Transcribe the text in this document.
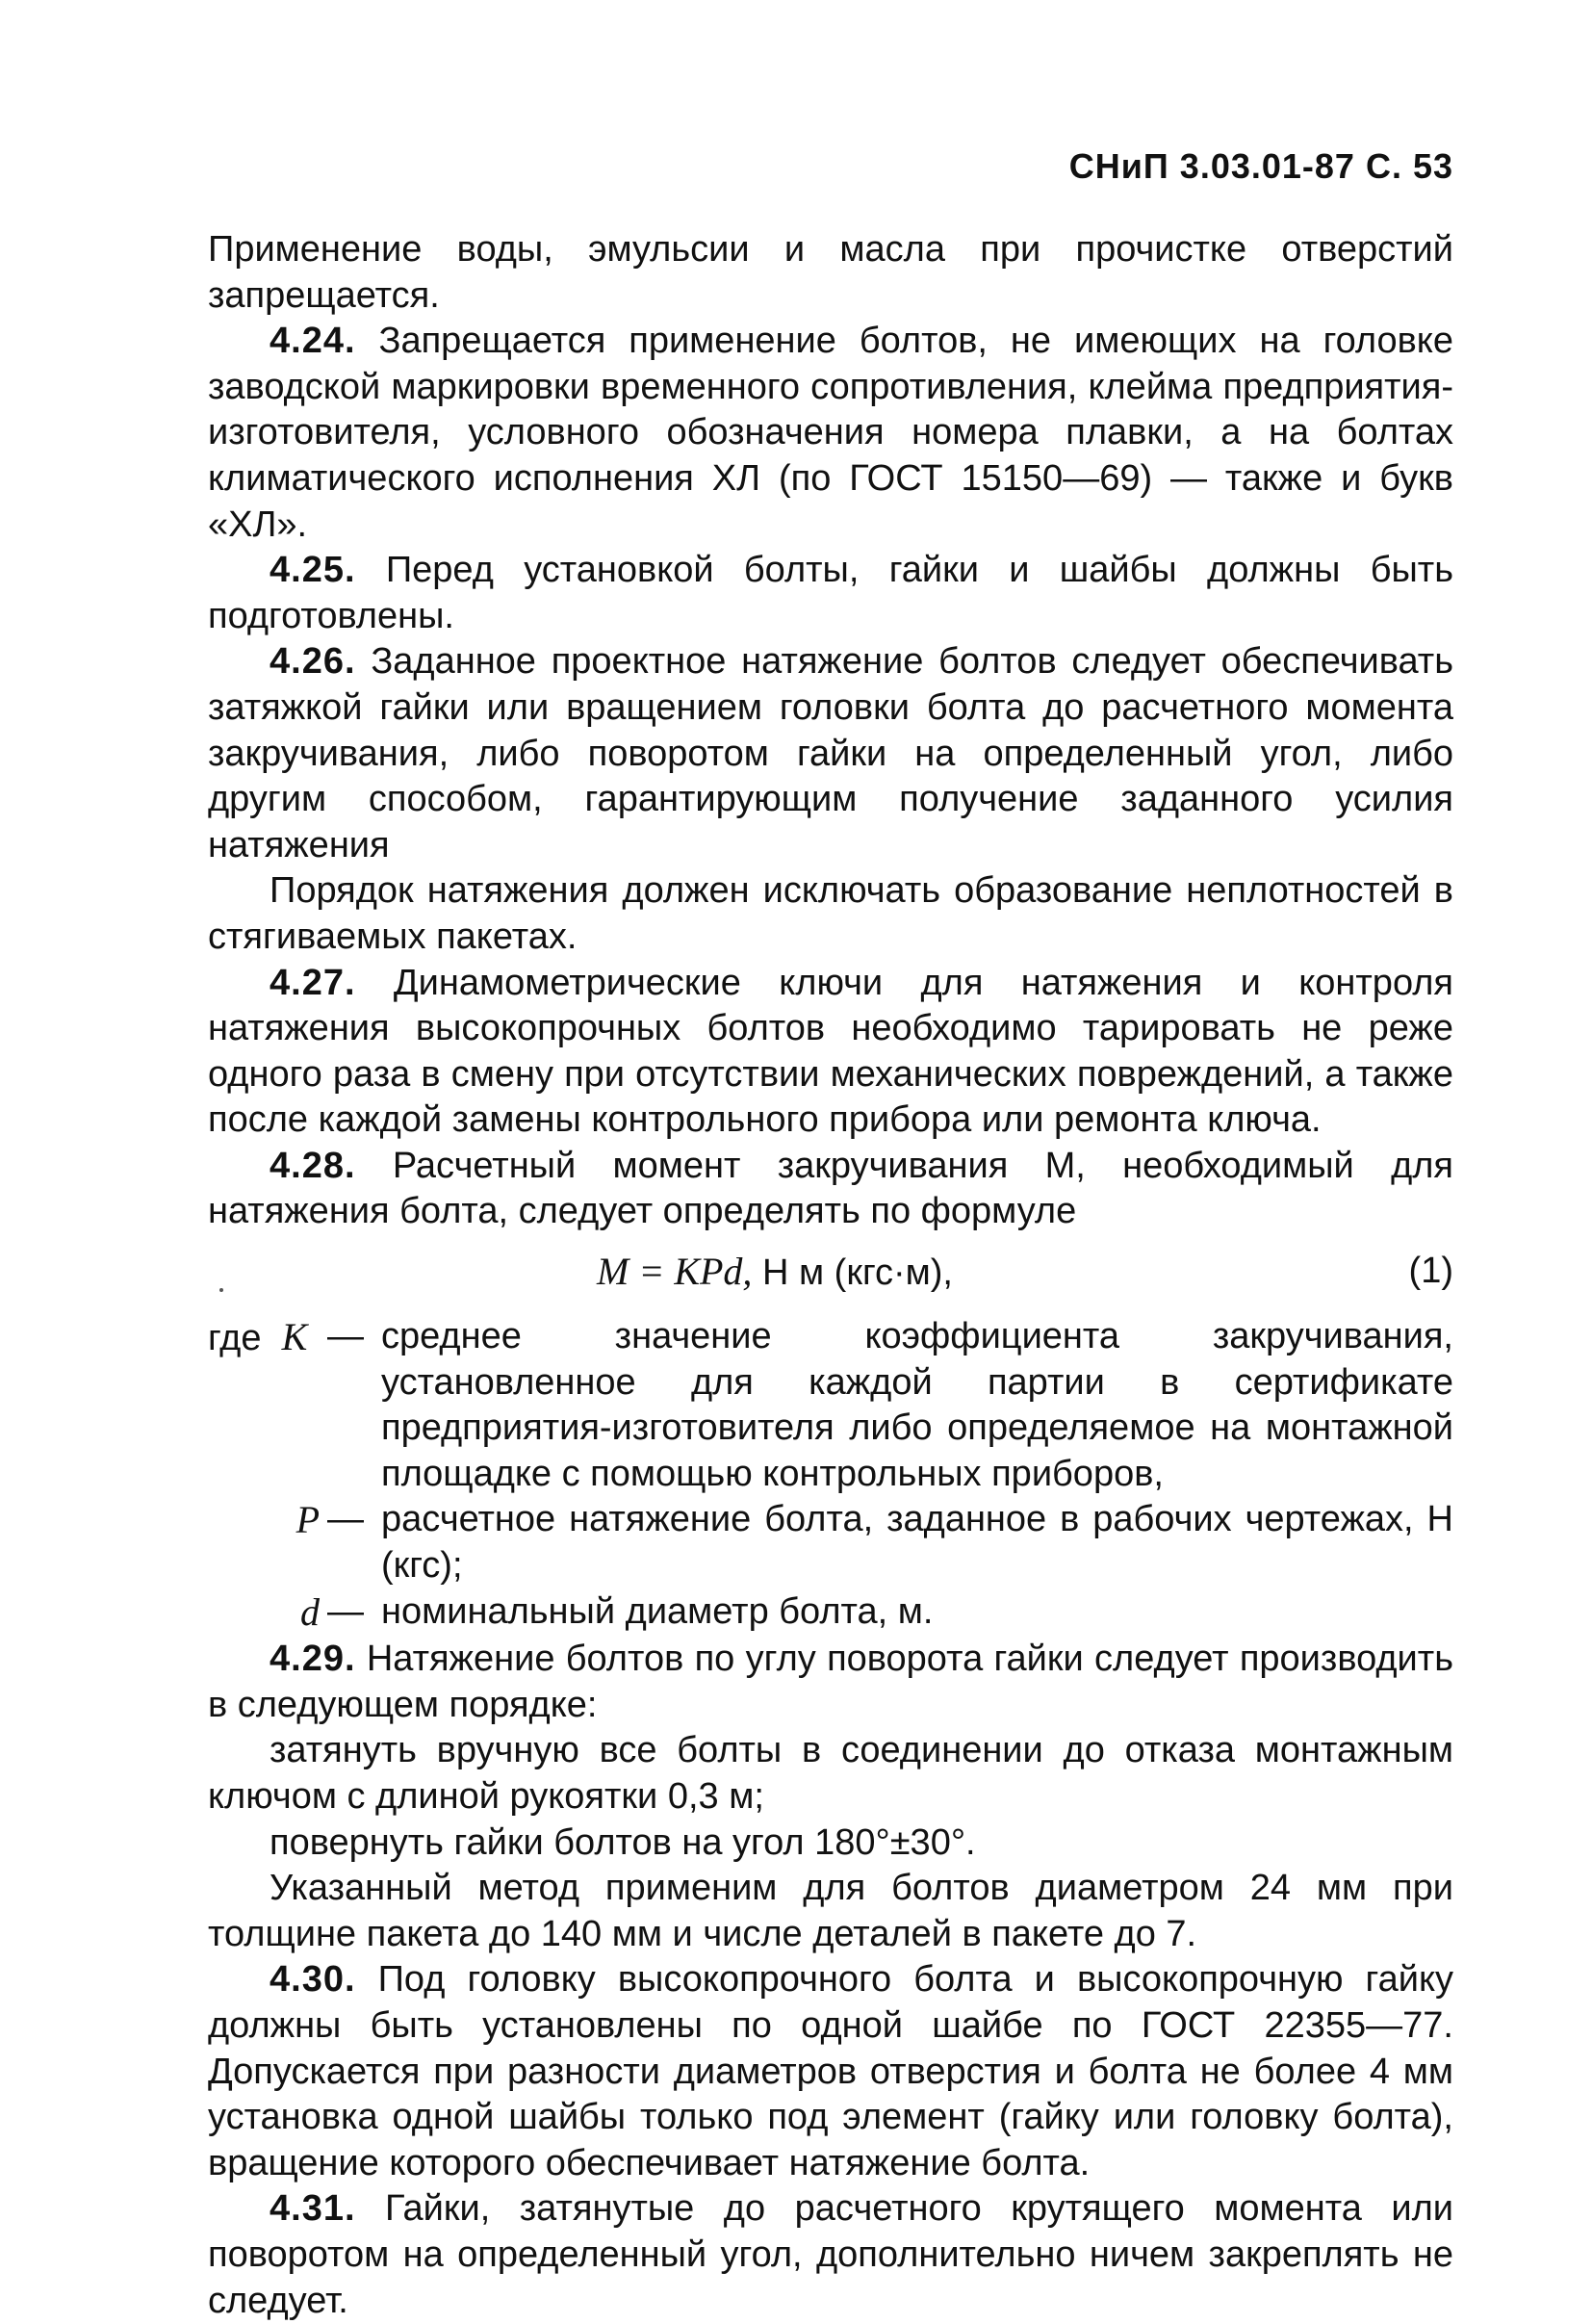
СНиП 3.03.01-87 С. 53

Применение воды, эмульсии и масла при прочистке отверстий запрещается.

4.24. Запрещается применение болтов, не имеющих на головке заводской маркировки временного сопротивления, клейма предприятия-изготовителя, условного обозначения номера плавки, а на болтах климатического исполнения ХЛ (по ГОСТ 15150—69) — также и букв «ХЛ».

4.25. Перед установкой болты, гайки и шайбы должны быть подготовлены.

4.26. Заданное проектное натяжение болтов следует обеспечивать затяжкой гайки или вращением головки болта до расчетного момента закручивания, либо поворотом гайки на определенный угол, либо другим способом, гарантирующим получение заданного усилия натяжения

Порядок натяжения должен исключать образование неплотностей в стягиваемых пакетах.

4.27. Динамометрические ключи для натяжения и контроля натяжения высокопрочных болтов необходимо тарировать не реже одного раза в смену при отсутствии механических повреждений, а также после каждой замены контрольного прибора или ремонта ключа.

4.28. Расчетный момент закручивания М, необходимый для натяжения болта, следует определять по формуле

M = KPd, Н м (кгс·м),	(1)
где K — среднее значение коэффициента закручивания, установленное для каждой партии в сертификате предприятия-изготовителя либо определяемое на монтажной площадке с помощью контрольных приборов,
P — расчетное натяжение болта, заданное в рабочих чертежах, Н (кгс);
d — номинальный диаметр болта, м.

4.29. Натяжение болтов по углу поворота гайки следует производить в следующем порядке:

затянуть вручную все болты в соединении до отказа монтажным ключом с длиной рукоятки 0,3 м;

повернуть гайки болтов на угол 180°±30°.

Указанный метод применим для болтов диаметром 24 мм при толщине пакета до 140 мм и числе деталей в пакете до 7.

4.30. Под головку высокопрочного болта и высокопрочную гайку должны быть установлены по одной шайбе по ГОСТ 22355—77. Допускается при разности диаметров отверстия и болта не более 4 мм установка одной шайбы только под элемент (гайку или головку болта), вращение которого обеспечивает натяжение болта.

4.31. Гайки, затянутые до расчетного крутящего момента или поворотом на определенный угол, дополнительно ничем закреплять не следует.
